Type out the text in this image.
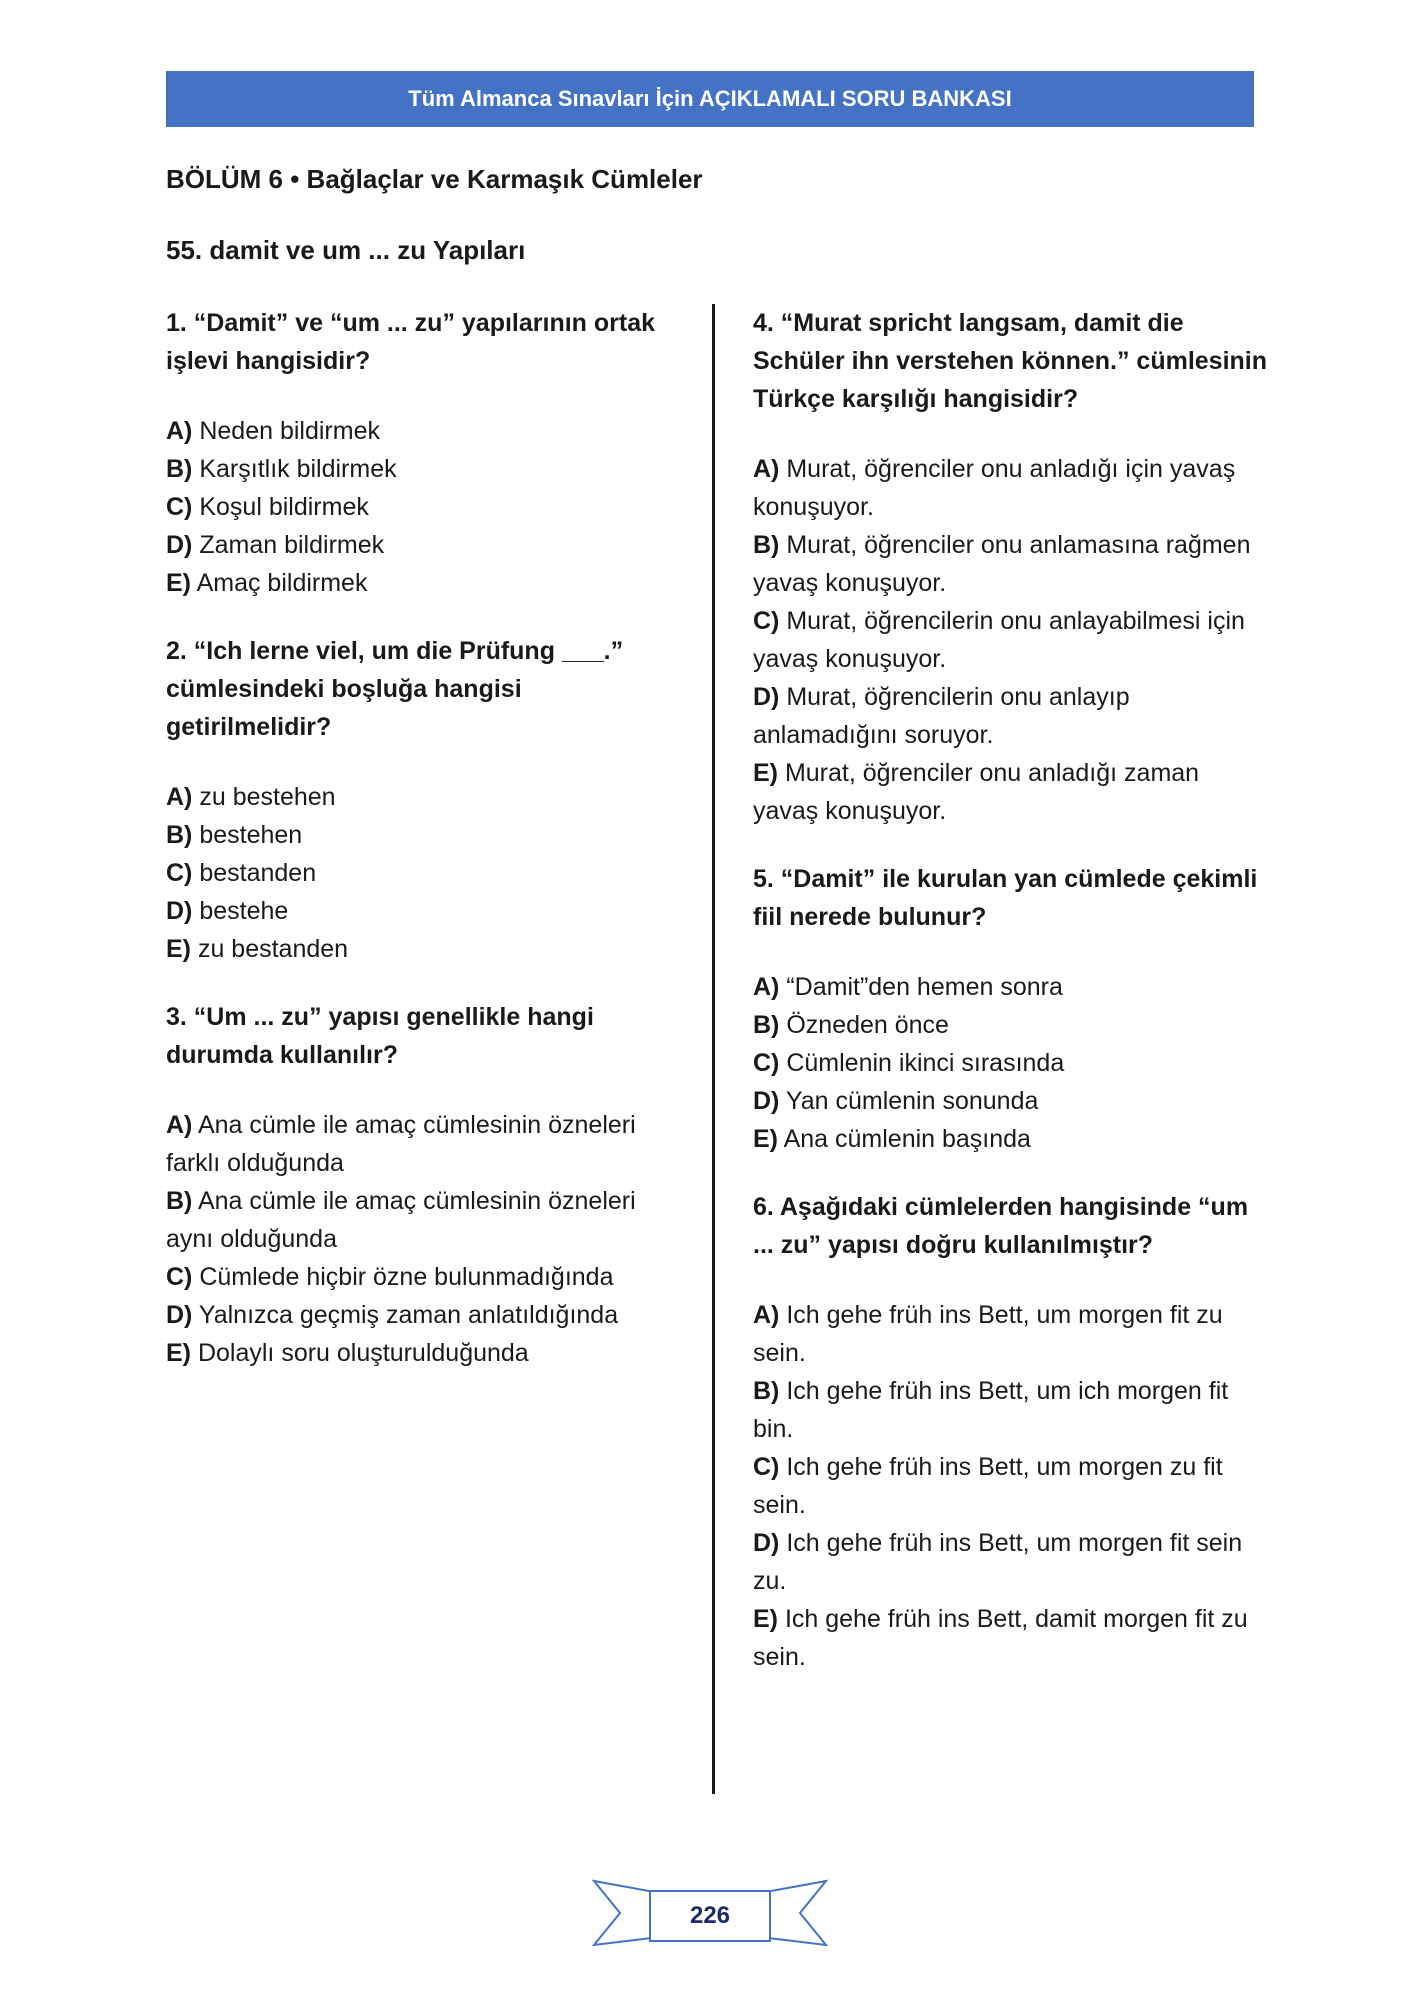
Tüm Almanca Sınavları İçin AÇIKLAMALI SORU BANKASI
BÖLÜM 6 • Bağlaçlar ve Karmaşık Cümleler
55. damit ve um ... zu Yapıları
1. “Damit” ve “um ... zu” yapılarının ortak işlevi hangisidir?
A) Neden bildirmek
B) Karşıtlık bildirmek
C) Koşul bildirmek
D) Zaman bildirmek
E) Amaç bildirmek
2. “Ich lerne viel, um die Prüfung ___.” cümlesindeki boşluğa hangisi getirilmelidir?
A) zu bestehen
B) bestehen
C) bestanden
D) bestehe
E) zu bestanden
3. “Um ... zu” yapısı genellikle hangi durumda kullanılır?
A) Ana cümle ile amaç cümlesinin özneleri farklı olduğunda
B) Ana cümle ile amaç cümlesinin özneleri aynı olduğunda
C) Cümlede hiçbir özne bulunmadığında
D) Yalnızca geçmiş zaman anlatıldığında
E) Dolaylı soru oluşturulduğunda
4. “Murat spricht langsam, damit die Schüler ihn verstehen können.” cümlesinin Türkçe karşılığı hangisidir?
A) Murat, öğrenciler onu anladığı için yavaş konuşuyor.
B) Murat, öğrenciler onu anlamasına rağmen yavaş konuşuyor.
C) Murat, öğrencilerin onu anlayabilmesi için yavaş konuşuyor.
D) Murat, öğrencilerin onu anlayıp anlamadığını soruyor.
E) Murat, öğrenciler onu anladığı zaman yavaş konuşuyor.
5. “Damit” ile kurulan yan cümlede çekimli fiil nerede bulunur?
A) “Damit”den hemen sonra
B) Özneden önce
C) Cümlenin ikinci sırasında
D) Yan cümlenin sonunda
E) Ana cümlenin başında
6. Aşağıdaki cümlelerden hangisinde “um ... zu” yapısı doğru kullanılmıştır?
A) Ich gehe früh ins Bett, um morgen fit zu sein.
B) Ich gehe früh ins Bett, um ich morgen fit bin.
C) Ich gehe früh ins Bett, um morgen zu fit sein.
D) Ich gehe früh ins Bett, um morgen fit sein zu.
E) Ich gehe früh ins Bett, damit morgen fit zu sein.
226
